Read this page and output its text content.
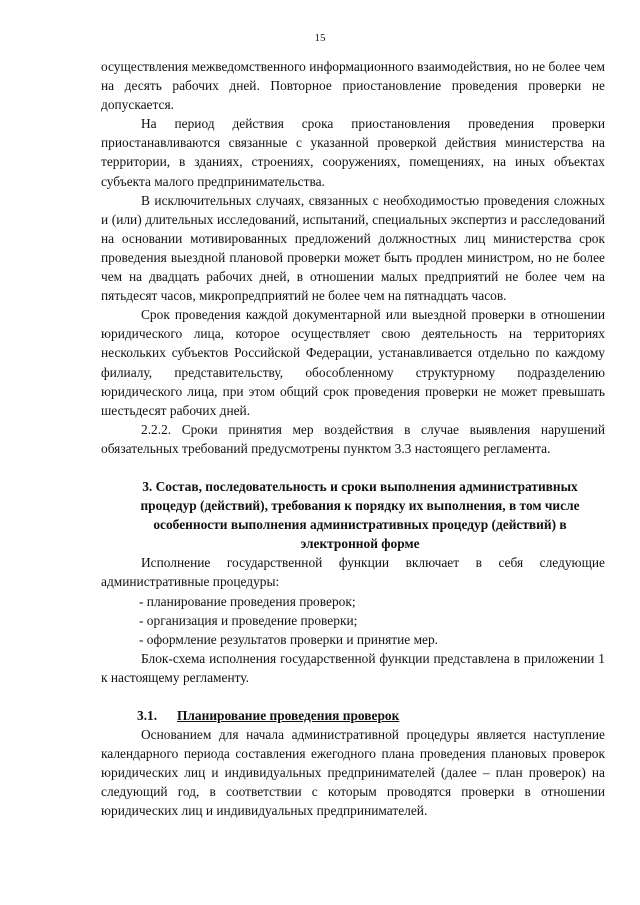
15

осуществления межведомственного информационного взаимодействия, но не более чем на десять рабочих дней. Повторное приостановление проведения проверки не допускается.

На период действия срока приостановления проведения проверки приостанавливаются связанные с указанной проверкой действия министерства на территории, в зданиях, строениях, сооружениях, помещениях, на иных объектах субъекта малого предпринимательства.

В исключительных случаях, связанных с необходимостью проведения сложных и (или) длительных исследований, испытаний, специальных экспертиз и расследований на основании мотивированных предложений должностных лиц министерства срок проведения выездной плановой проверки может быть продлен министром, но не более чем на двадцать рабочих дней, в отношении малых предприятий не более чем на пятьдесят часов, микропредприятий не более чем на пятнадцать часов.

Срок проведения каждой документарной или выездной проверки в отношении юридического лица, которое осуществляет свою деятельность на территориях нескольких субъектов Российской Федерации, устанавливается отдельно по каждому филиалу, представительству, обособленному структурному подразделению юридического лица, при этом общий срок проведения проверки не может превышать шестьдесят рабочих дней.

2.2.2. Сроки принятия мер воздействия в случае выявления нарушений обязательных требований предусмотрены пунктом 3.3 настоящего регламента.

3. Состав, последовательность и сроки выполнения административных процедур (действий), требования к порядку их выполнения, в том числе особенности выполнения административных процедур (действий) в электронной форме

Исполнение государственной функции включает в себя следующие административные процедуры:

- планирование проведения проверок;

- организация и проведение проверки;

- оформление результатов проверки и принятие мер.

Блок-схема исполнения государственной функции представлена в приложении 1 к настоящему регламенту.

3.1. Планирование проведения проверок

Основанием для начала административной процедуры является наступление календарного периода составления ежегодного плана проведения плановых проверок юридических лиц и индивидуальных предпринимателей (далее – план проверок) на следующий год, в соответствии с которым проводятся проверки в отношении юридических лиц и индивидуальных предпринимателей.
